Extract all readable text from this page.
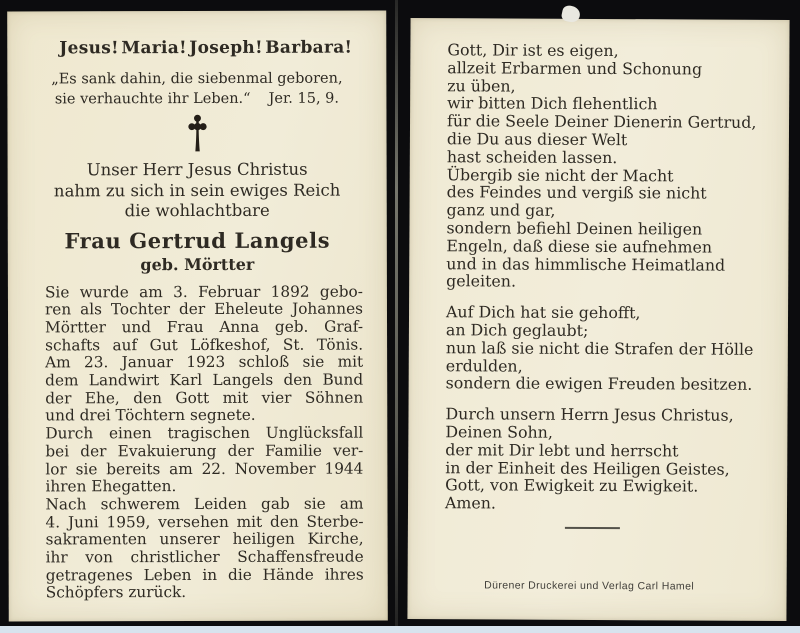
Jesus! Maria! Joseph! Barbara!
„Es sank dahin, die siebenmal geboren,
sie verhauchte ihr Leben.“ Jer. 15, 9.
Unser Herr Jesus Christus
nahm zu sich in sein ewiges Reich
die wohlachtbare
Frau Gertrud Langels
geb. Mörtter
Sie wurde am 3. Februar 1892 gebo-
ren als Tochter der Eheleute Johannes
Mörtter und Frau Anna geb. Graf-
schafts auf Gut Löfkeshof, St. Tönis.
Am 23. Januar 1923 schloß sie mit
dem Landwirt Karl Langels den Bund
der Ehe, den Gott mit vier Söhnen
und drei Töchtern segnete.
Durch einen tragischen Unglücksfall
bei der Evakuierung der Familie ver-
lor sie bereits am 22. November 1944
ihren Ehegatten.
Nach schwerem Leiden gab sie am
4. Juni 1959, versehen mit den Sterbe-
sakramenten unserer heiligen Kirche,
ihr von christlicher Schaffensfreude
getragenes Leben in die Hände ihres
Schöpfers zurück.
Gott, Dir ist es eigen,
allzeit Erbarmen und Schonung
zu üben,
wir bitten Dich flehentlich
für die Seele Deiner Dienerin Gertrud,
die Du aus dieser Welt
hast scheiden lassen.
Übergib sie nicht der Macht
des Feindes und vergiß sie nicht
ganz und gar,
sondern befiehl Deinen heiligen
Engeln, daß diese sie aufnehmen
und in das himmlische Heimatland
geleiten.
Auf Dich hat sie gehofft,
an Dich geglaubt;
nun laß sie nicht die Strafen der Hölle
erdulden,
sondern die ewigen Freuden besitzen.
Durch unsern Herrn Jesus Christus,
Deinen Sohn,
der mit Dir lebt und herrscht
in der Einheit des Heiligen Geistes,
Gott, von Ewigkeit zu Ewigkeit.
Amen.
Dürener Druckerei und Verlag Carl Hamel
